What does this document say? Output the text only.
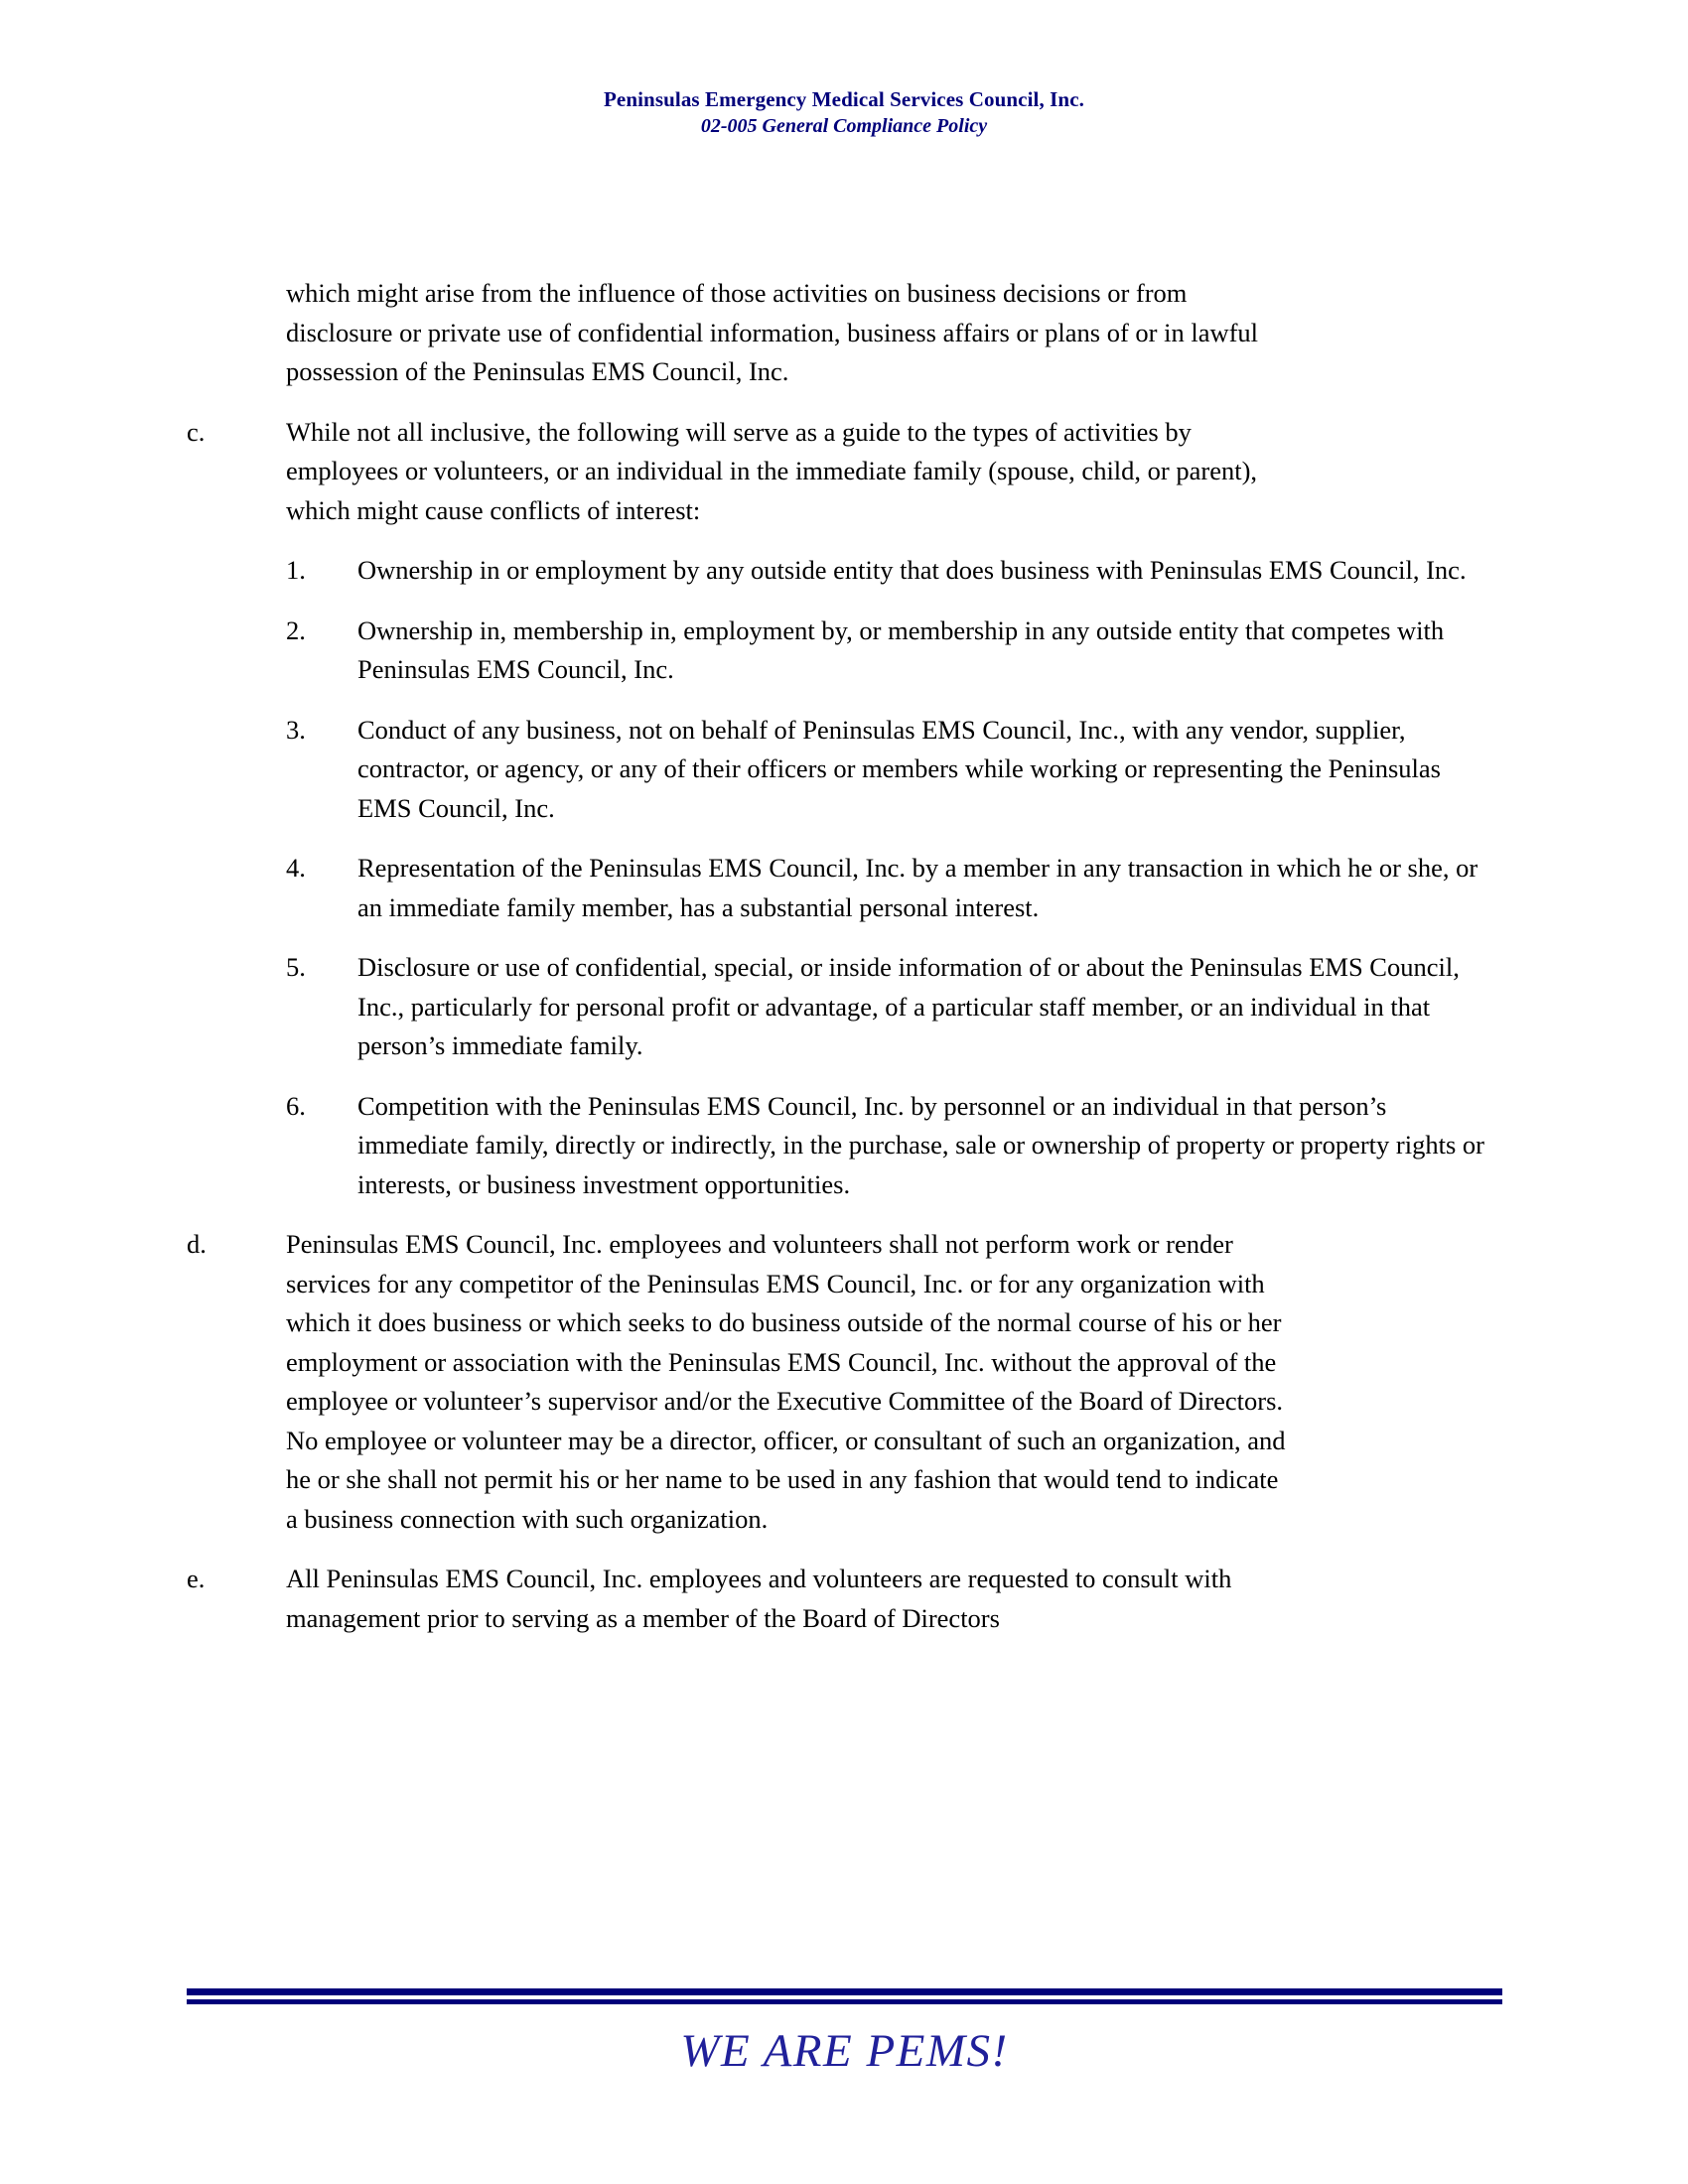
Peninsulas Emergency Medical Services Council, Inc.
02-005 General Compliance Policy
which might arise from the influence of those activities on business decisions or from disclosure or private use of confidential information, business affairs or plans of or in lawful possession of the Peninsulas EMS Council, Inc.
c.	While not all inclusive, the following will serve as a guide to the types of activities by employees or volunteers, or an individual in the immediate family (spouse, child, or parent), which might cause conflicts of interest:
1.	Ownership in or employment by any outside entity that does business with Peninsulas EMS Council, Inc.
2.	Ownership in, membership in, employment by, or membership in any outside entity that competes with Peninsulas EMS Council, Inc.
3.	Conduct of any business, not on behalf of Peninsulas EMS Council, Inc., with any vendor, supplier, contractor, or agency, or any of their officers or members while working or representing the Peninsulas EMS Council, Inc.
4.	Representation of the Peninsulas EMS Council, Inc. by a member in any transaction in which he or she, or an immediate family member, has a substantial personal interest.
5.	Disclosure or use of confidential, special, or inside information of or about the Peninsulas EMS Council, Inc., particularly for personal profit or advantage, of a particular staff member, or an individual in that person’s immediate family.
6.	Competition with the Peninsulas EMS Council, Inc. by personnel or an individual in that person’s immediate family, directly or indirectly, in the purchase, sale or ownership of property or property rights or interests, or business investment opportunities.
d.	Peninsulas EMS Council, Inc. employees and volunteers shall not perform work or render services for any competitor of the Peninsulas EMS Council, Inc. or for any organization with which it does business or which seeks to do business outside of the normal course of his or her employment or association with the Peninsulas EMS Council, Inc. without the approval of the employee or volunteer’s supervisor and/or the Executive Committee of the Board of Directors. No employee or volunteer may be a director, officer, or consultant of such an organization, and he or she shall not permit his or her name to be used in any fashion that would tend to indicate a business connection with such organization.
e.	All Peninsulas EMS Council, Inc. employees and volunteers are requested to consult with management prior to serving as a member of the Board of Directors
WE ARE PEMS!
